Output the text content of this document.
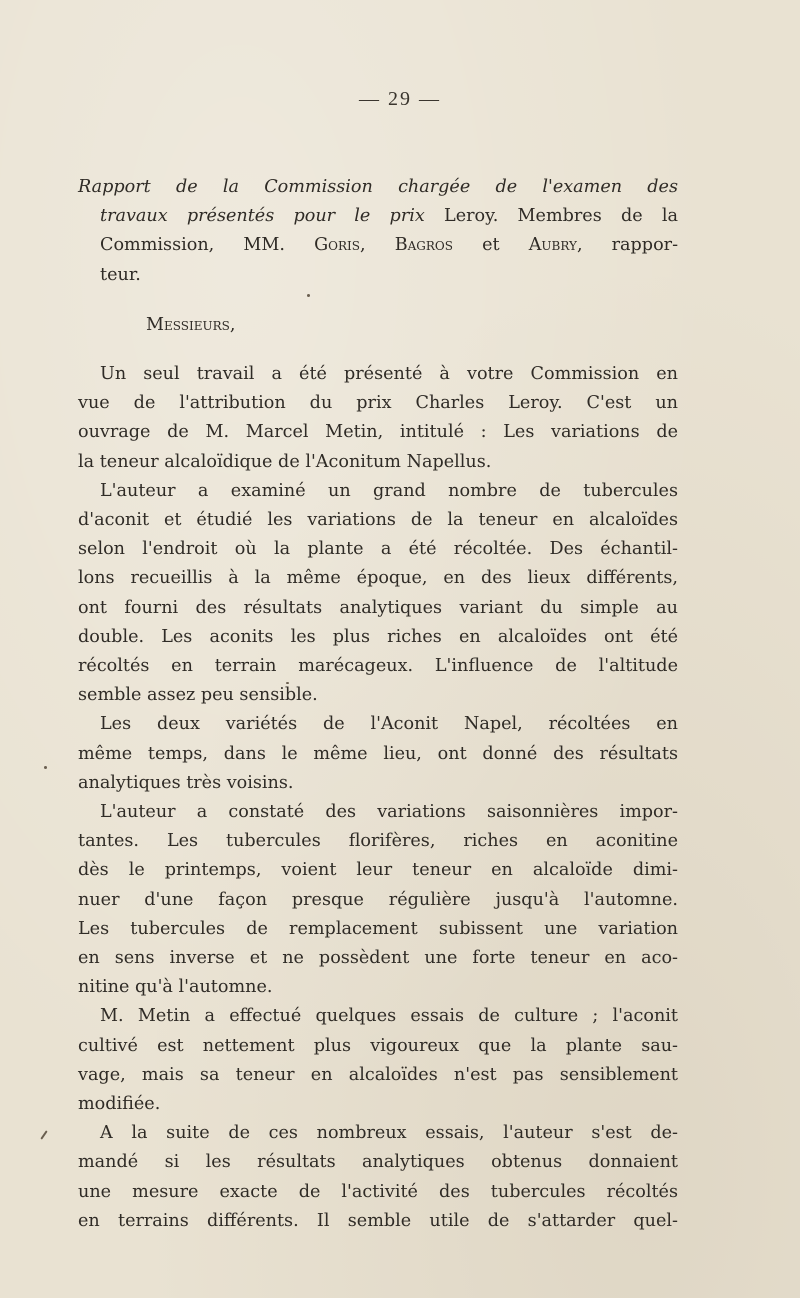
— 29 —
Rapport de la Commission chargée de l'examen des
travaux présentés pour le prix Leroy. Membres de la
Commission, MM. Goris, Bagros et Aubry, rappor-
teur.
Messieurs,
Un seul travail a été présenté à votre Commission en
vue de l'attribution du prix Charles Leroy. C'est un
ouvrage de M. Marcel Metin, intitulé : Les variations de
la teneur alcaloïdique de l'Aconitum Napellus.
L'auteur a examiné un grand nombre de tubercules
d'aconit et étudié les variations de la teneur en alcaloïdes
selon l'endroit où la plante a été récoltée. Des échantil-
lons recueillis à la même époque, en des lieux différents,
ont fourni des résultats analytiques variant du simple au
double. Les aconits les plus riches en alcaloïdes ont été
récoltés en terrain marécageux. L'influence de l'altitude
semble assez peu sensible.
Les deux variétés de l'Aconit Napel, récoltées en
même temps, dans le même lieu, ont donné des résultats
analytiques très voisins.
L'auteur a constaté des variations saisonnières impor-
tantes. Les tubercules florifères, riches en aconitine
dès le printemps, voient leur teneur en alcaloïde dimi-
nuer d'une façon presque régulière jusqu'à l'automne.
Les tubercules de remplacement subissent une variation
en sens inverse et ne possèdent une forte teneur en aco-
nitine qu'à l'automne.
M. Metin a effectué quelques essais de culture ; l'aconit
cultivé est nettement plus vigoureux que la plante sau-
vage, mais sa teneur en alcaloïdes n'est pas sensiblement
modifiée.
A la suite de ces nombreux essais, l'auteur s'est de-
mandé si les résultats analytiques obtenus donnaient
une mesure exacte de l'activité des tubercules récoltés
en terrains différents. Il semble utile de s'attarder quel-
